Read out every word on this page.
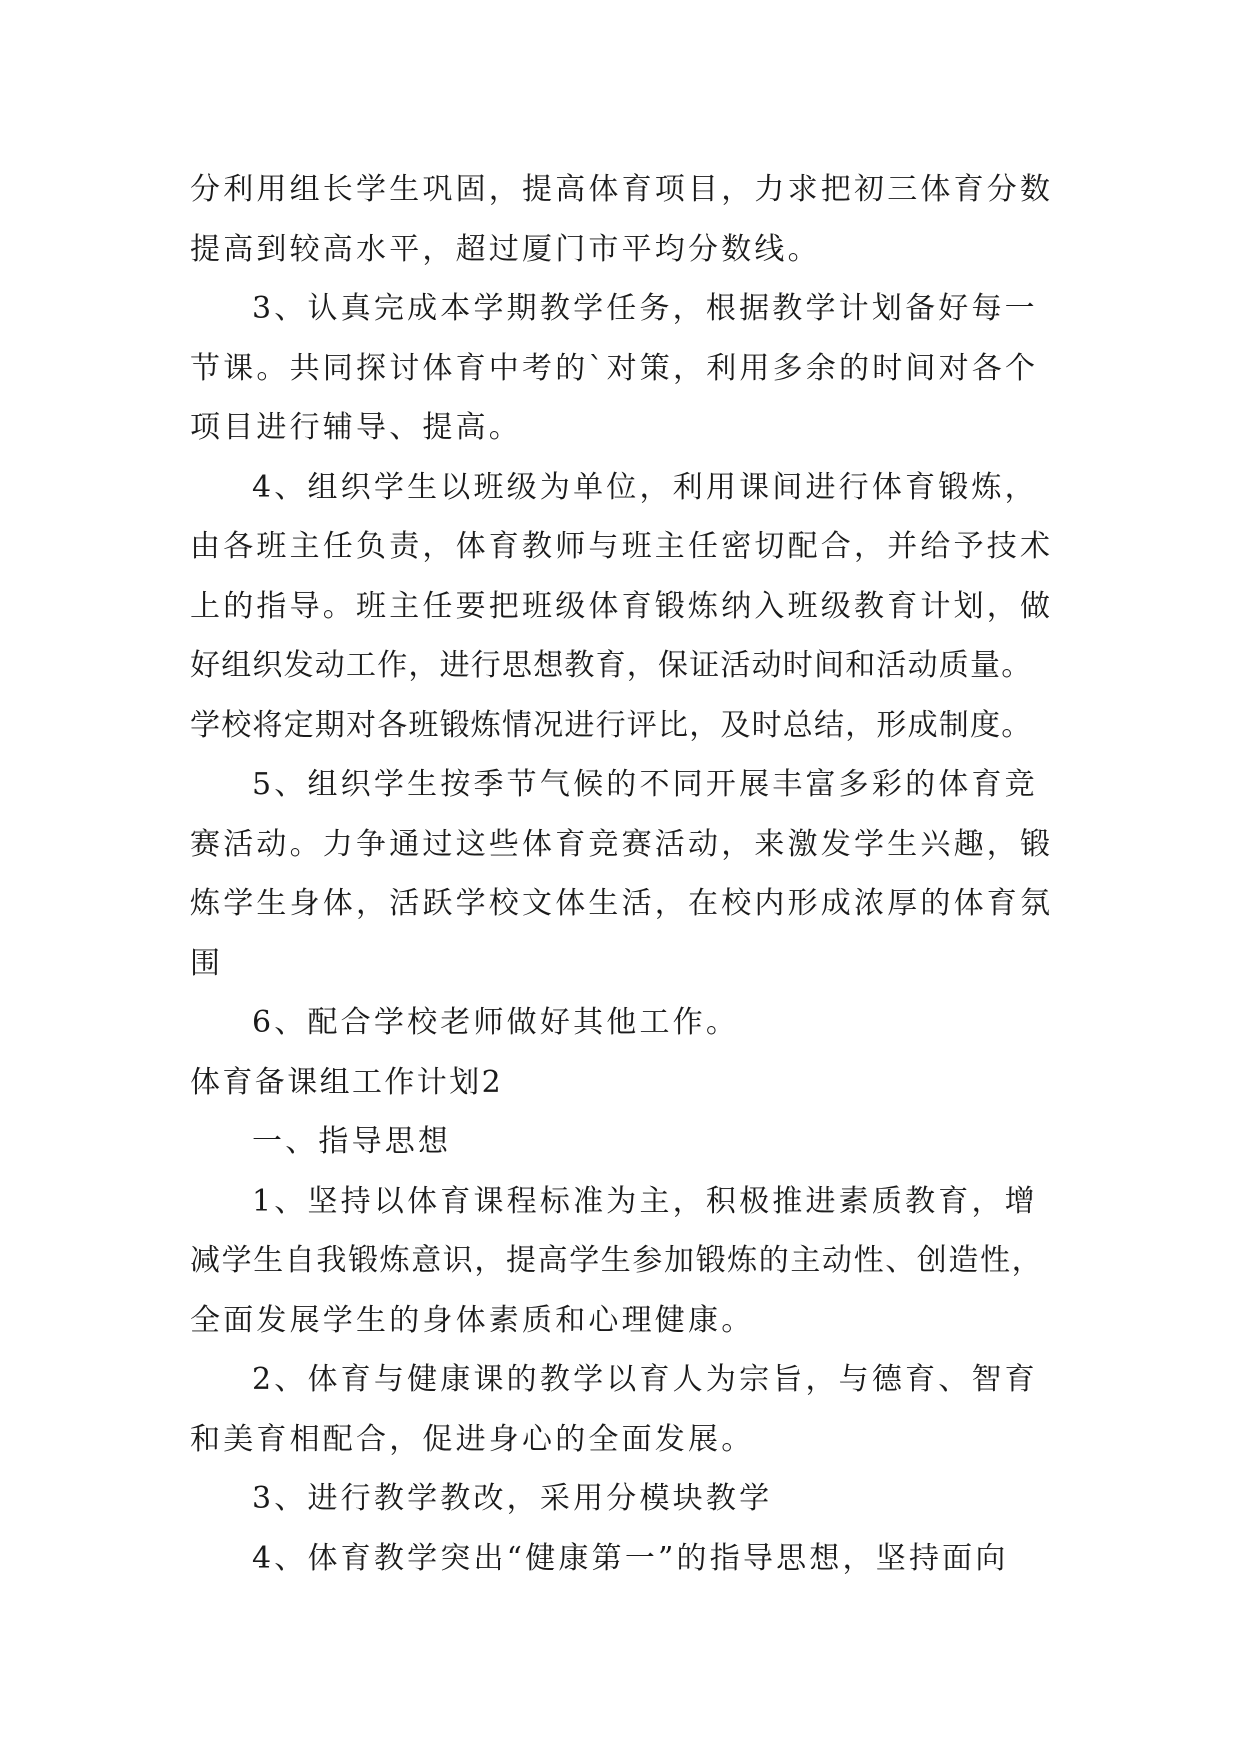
分利用组长学生巩固，提高体育项目，力求把初三体育分数
提高到较高水平，超过厦门市平均分数线。
3、认真完成本学期教学任务，根据教学计划备好每一
节课。共同探讨体育中考的`对策，利用多余的时间对各个
项目进行辅导、提高。
4、组织学生以班级为单位，利用课间进行体育锻炼，
由各班主任负责，体育教师与班主任密切配合，并给予技术
上的指导。班主任要把班级体育锻炼纳入班级教育计划，做
好组织发动工作，进行思想教育，保证活动时间和活动质量。
学校将定期对各班锻炼情况进行评比，及时总结，形成制度。
5、组织学生按季节气候的不同开展丰富多彩的体育竞
赛活动。力争通过这些体育竞赛活动，来激发学生兴趣，锻
炼学生身体，活跃学校文体生活，在校内形成浓厚的体育氛
围
6、配合学校老师做好其他工作。
体育备课组工作计划2
一、指导思想
1、坚持以体育课程标准为主，积极推进素质教育，增
减学生自我锻炼意识，提高学生参加锻炼的主动性、创造性，
全面发展学生的身体素质和心理健康。
2、体育与健康课的教学以育人为宗旨，与德育、智育
和美育相配合，促进身心的全面发展。
3、进行教学教改，采用分模块教学
4、体育教学突出“健康第一”的指导思想，坚持面向
